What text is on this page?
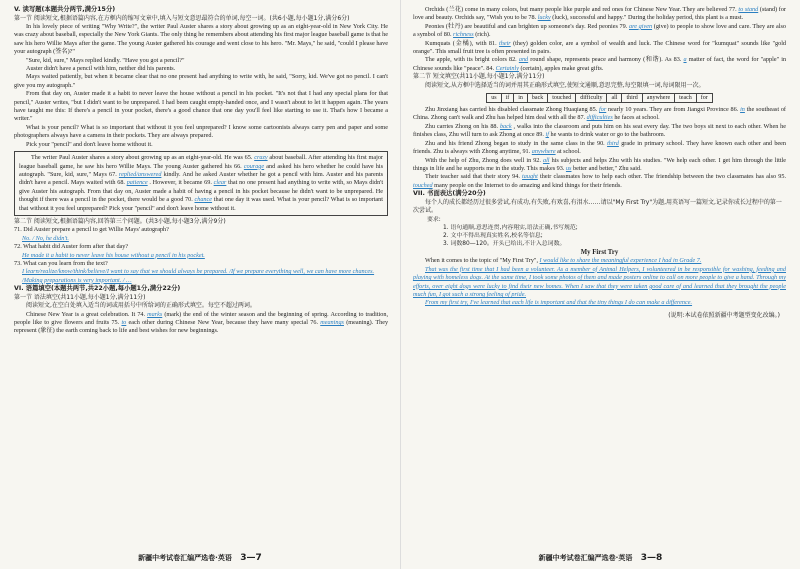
V. 读写题(本题共分两节,满分15分)
第一节 阅读短文,根据语篇内容,在方框内的缩写文章中,填入与短文意思最符合的单词,每空一词。(共6小题,每小题1分,满分6分)

In his lovely piece of writing "Why Write?", the writer Paul Auster shares a story about growing up as an eight-year-old in New York City. He was crazy about baseball, especially the New York Giants. The only thing he remembers about attending his first major league baseball game is that he saw his hero Willie Mays after the game. The young Auster gathered his courage and went close to his hero. "Mr. Mays," he said, "could I please have your autograph (签名)?"

"Sure, kid, sure," Mays replied kindly. "Have you got a pencil?"

Auster didn't have a pencil with him, neither did his parents.

Mays waited patiently, but when it became clear that no one present had anything to write with, he said, "Sorry, kid. We've got no pencil. I can't give you my autograph."

From that day on, Auster made it a habit to never leave the house without a pencil in his pocket. "It's not that I had any special plans for that pencil," Auster writes, "but I didn't want to be unprepared. I had been caught empty-handed once, and I wasn't about to let it happen again. The years have taught me this: If there's a pencil in your pocket, there's a good chance that one day you'll feel like starting to use it. That's how I became a writer."

What is your pencil? What is so important that without it you feel unprepared? I know some cartoonists always carry pen and paper and some photographers always have a camera in their pockets. They are always prepared.

Pick your "pencil" and don't leave home without it.

The writer Paul Auster shares a story about growing up as an eight-year-old. He was 65. crazy about baseball. After attending his first major league baseball game, he saw his hero Willie Mays. The young Auster gathered his 66. courage and asked his hero whether he could have his autograph. "Sure, kid, sure," Mays 67. replied/answered kindly. And he asked Auster whether he got a pencil with him. Auster and his parents didn't have a pencil. Mays waited with 68. patience . However, it became 69. clear that no one present had anything to write with, so Mays didn't give Auster his autograph. From that day on, Auster made a habit of having a pencil in his pocket because he didn't want to be unprepared. He thought if there was a pencil in the pocket, there would be a good 70. chance that one day it was used. What is your pencil? What is so important that without it you feel unprepared? Pick your "pencil" and don't leave home without it.

第二节 阅读短文,根据语篇内容,回答第三个问题。(共3小题,每小题3分,满分9分)
71. Did Auster prepare a pencil to get Willie Mays' autograph?
No. / No, he didn't.
72. What habit did Auster form after that day?
He made it a habit to never leave his house without a pencil in his pocket.
73. What can you learn from the text?
I learn/realize/know/think/believe/I want to say that we should always be prepared. /If we prepare everything well, we can have more chances. /Making preparations is very important. / …
VI. 语篇填空(本题共两节,共22小题,每小题1分,满分22分)
第一节 语法填空(共11小题,每小题1分,满分11分)
阅读短文,在空白处填入适当的词或用括号中所给词的正确形式填空。每空不超过两词。

Chinese New Year is a great celebration. It 74. marks (mark) the end of the winter season and the beginning of spring. According to tradition, people like to give flowers and fruits 75. to each other during Chinese New Year, because they have many special 76. meanings (meaning). They represent (象征) the earth coming back to life and best wishes for new beginnings.

新疆中考试卷汇编严选卷·英语 3—7

Orchids (兰花) come in many colors, but many people like purple and red ones for Chinese New Year. They are believed 77. to stand (stand) for love and beauty. Orchids say, "Wish you to be 78. lucky (luck), successful and happy." During the holiday period, this plant is a must.

Peonies (牡丹) are beautiful and can brighten up someone's day. Red peonies 79. are given (give) to people to show love and care. They are also a symbol of 80. richness (rich).

Kumquats (金橘), with 81. their (they) golden color, are a symbol of wealth and luck. The Chinese word for "kumquat" sounds like "gold orange". This small fruit tree is often presented in pairs.

The apple, with its bright colors 82. and round shape, represents peace and harmony (和谐). As 83. a matter of fact, the word for "apple" in Chinese sounds like "peace". 84. Certainly (certain), apples make great gifts.

第二节 短文填空(共11小题,每小题1分,满分11分)
阅读短文,从方框中选择适当的词并用其正确形式填空,使短文通顺,意思完整,每空限填一词,每词限用一次。
us	if	in	back	touched	difficulty	all	third	anywhere	teach	for

Zhu Jinxiang has carried his disabled classmate Zhong Huaqiang 85. for nearly 10 years. They are from Jiangxi Province 86. in the southeast of China. Zhong can't walk and Zhu has helped him deal with all the 87. difficulties he faces at school.

Zhu carries Zhong on his 88. back , walks into the classroom and puts him on his seat every day. The two boys sit next to each other. When he finishes class, Zhu will turn to ask Zhong at once 89. if he wants to drink water or go to the bathroom.

Zhu and his friend Zhong began to study in the same class in the 90. third grade in primary school. They have known each other and been friends. Zhu is always with Zhong anytime, 91. anywhere at school.

With the help of Zhu, Zhong does well in 92. all his subjects and helps Zhu with his studies. "We help each other. I get him through the little things in life and he supports me in the study. This makes 93. us better and better," Zhu said.

Their teacher said that their story 94. taught their classmates how to help each other. The friendship between the two classmates has also 95. touched many people on the Internet to do amazing and kind things for their friends.

VII. 书面表达(满分20分)
每个人的成长都经历过很多尝试,有成功,有失败,有欢喜,有泪水……请以"My First Try"为题,用英语写一篇短文,记录你成长过程中的第一次尝试。
要求:
1. 语句通顺,意思连贯,内容翔实,语法正确,书写规范;
2. 文中不得出现真实姓名,校名等信息;
3. 词数80—120。开头已给出,不计入总词数。
My First Try

When it comes to the topic of "My First Try", I would like to share the meaningful experience I had in Grade 7.

That was the first time that I had been a volunteer. As a member of Animal Helpers, I volunteered in be responsible for washing, feeding and playing with homeless dogs. At the same time, I took some photos of them and made posters online to call on more people to give a hand. Through my efforts, over eight dogs were lucky to find their new homes. When I saw that they were taken good care of and learned that they brought the people much fun, I got such a strong feeling of pride.

From my first try, I've learned that each life is important and that the tiny things I do can make a difference.

(说明:本试卷依照新疆中考题型变化改编。)
新疆中考试卷汇编严选卷·英语 3—8
